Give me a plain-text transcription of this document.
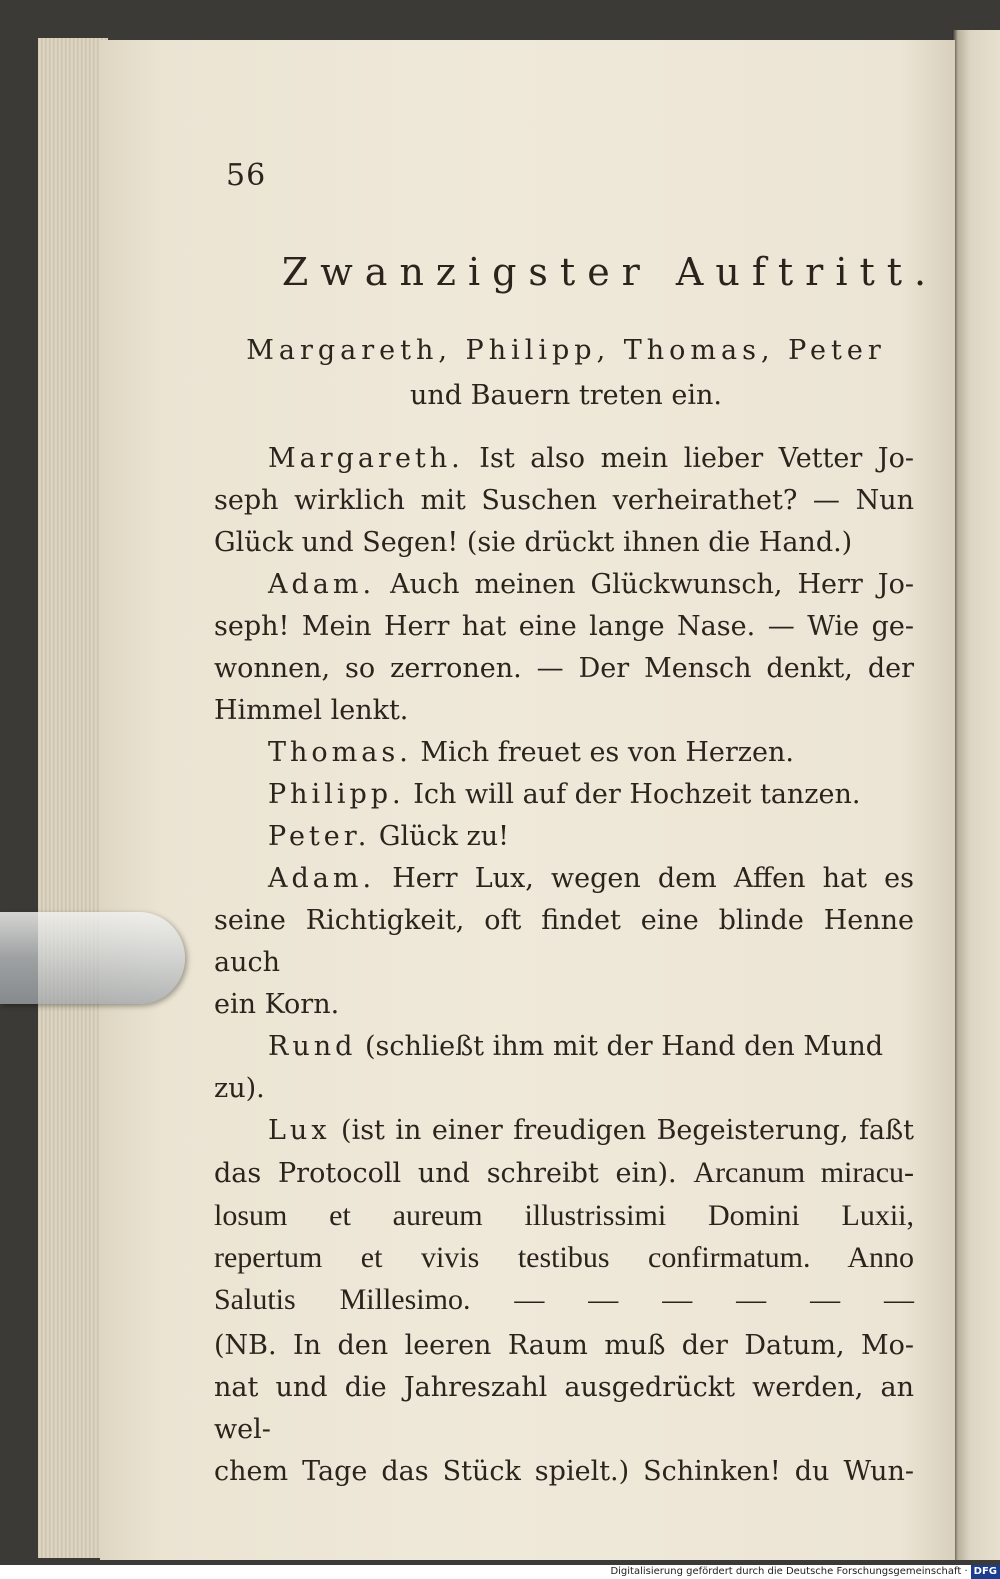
56
Zwanzigster Auftritt.
Margareth, Philipp, Thomas, Peter
und Bauern treten ein.
Margareth. Ist also mein lieber Vetter Jo-
seph wirklich mit Suschen verheirathet? — Nun
Glück und Segen! (sie drückt ihnen die Hand.)
Adam. Auch meinen Glückwunsch, Herr Jo-
seph! Mein Herr hat eine lange Nase. — Wie ge-
wonnen, so zerronen. — Der Mensch denkt, der
Himmel lenkt.
Thomas. Mich freuet es von Herzen.
Philipp. Ich will auf der Hochzeit tanzen.
Peter. Glück zu!
Adam. Herr Lux, wegen dem Affen hat es
seine Richtigkeit, oft findet eine blinde Henne auch
ein Korn.
Rund (schließt ihm mit der Hand den Mund zu).
Lux (ist in einer freudigen Begeisterung, faßt
das Protocoll und schreibt ein). Arcanum miracu-
losum et aureum illustrissimi Domini Luxii,
repertum et vivis testibus confirmatum. Anno
Salutis Millesimo. — — — — — —
(NB. In den leeren Raum muß der Datum, Mo-
nat und die Jahreszahl ausgedrückt werden, an wel-
chem Tage das Stück spielt.) Schinken! du Wun-
Digitalisierung gefördert durch die Deutsche Forschungsgemeinschaft · DFG
